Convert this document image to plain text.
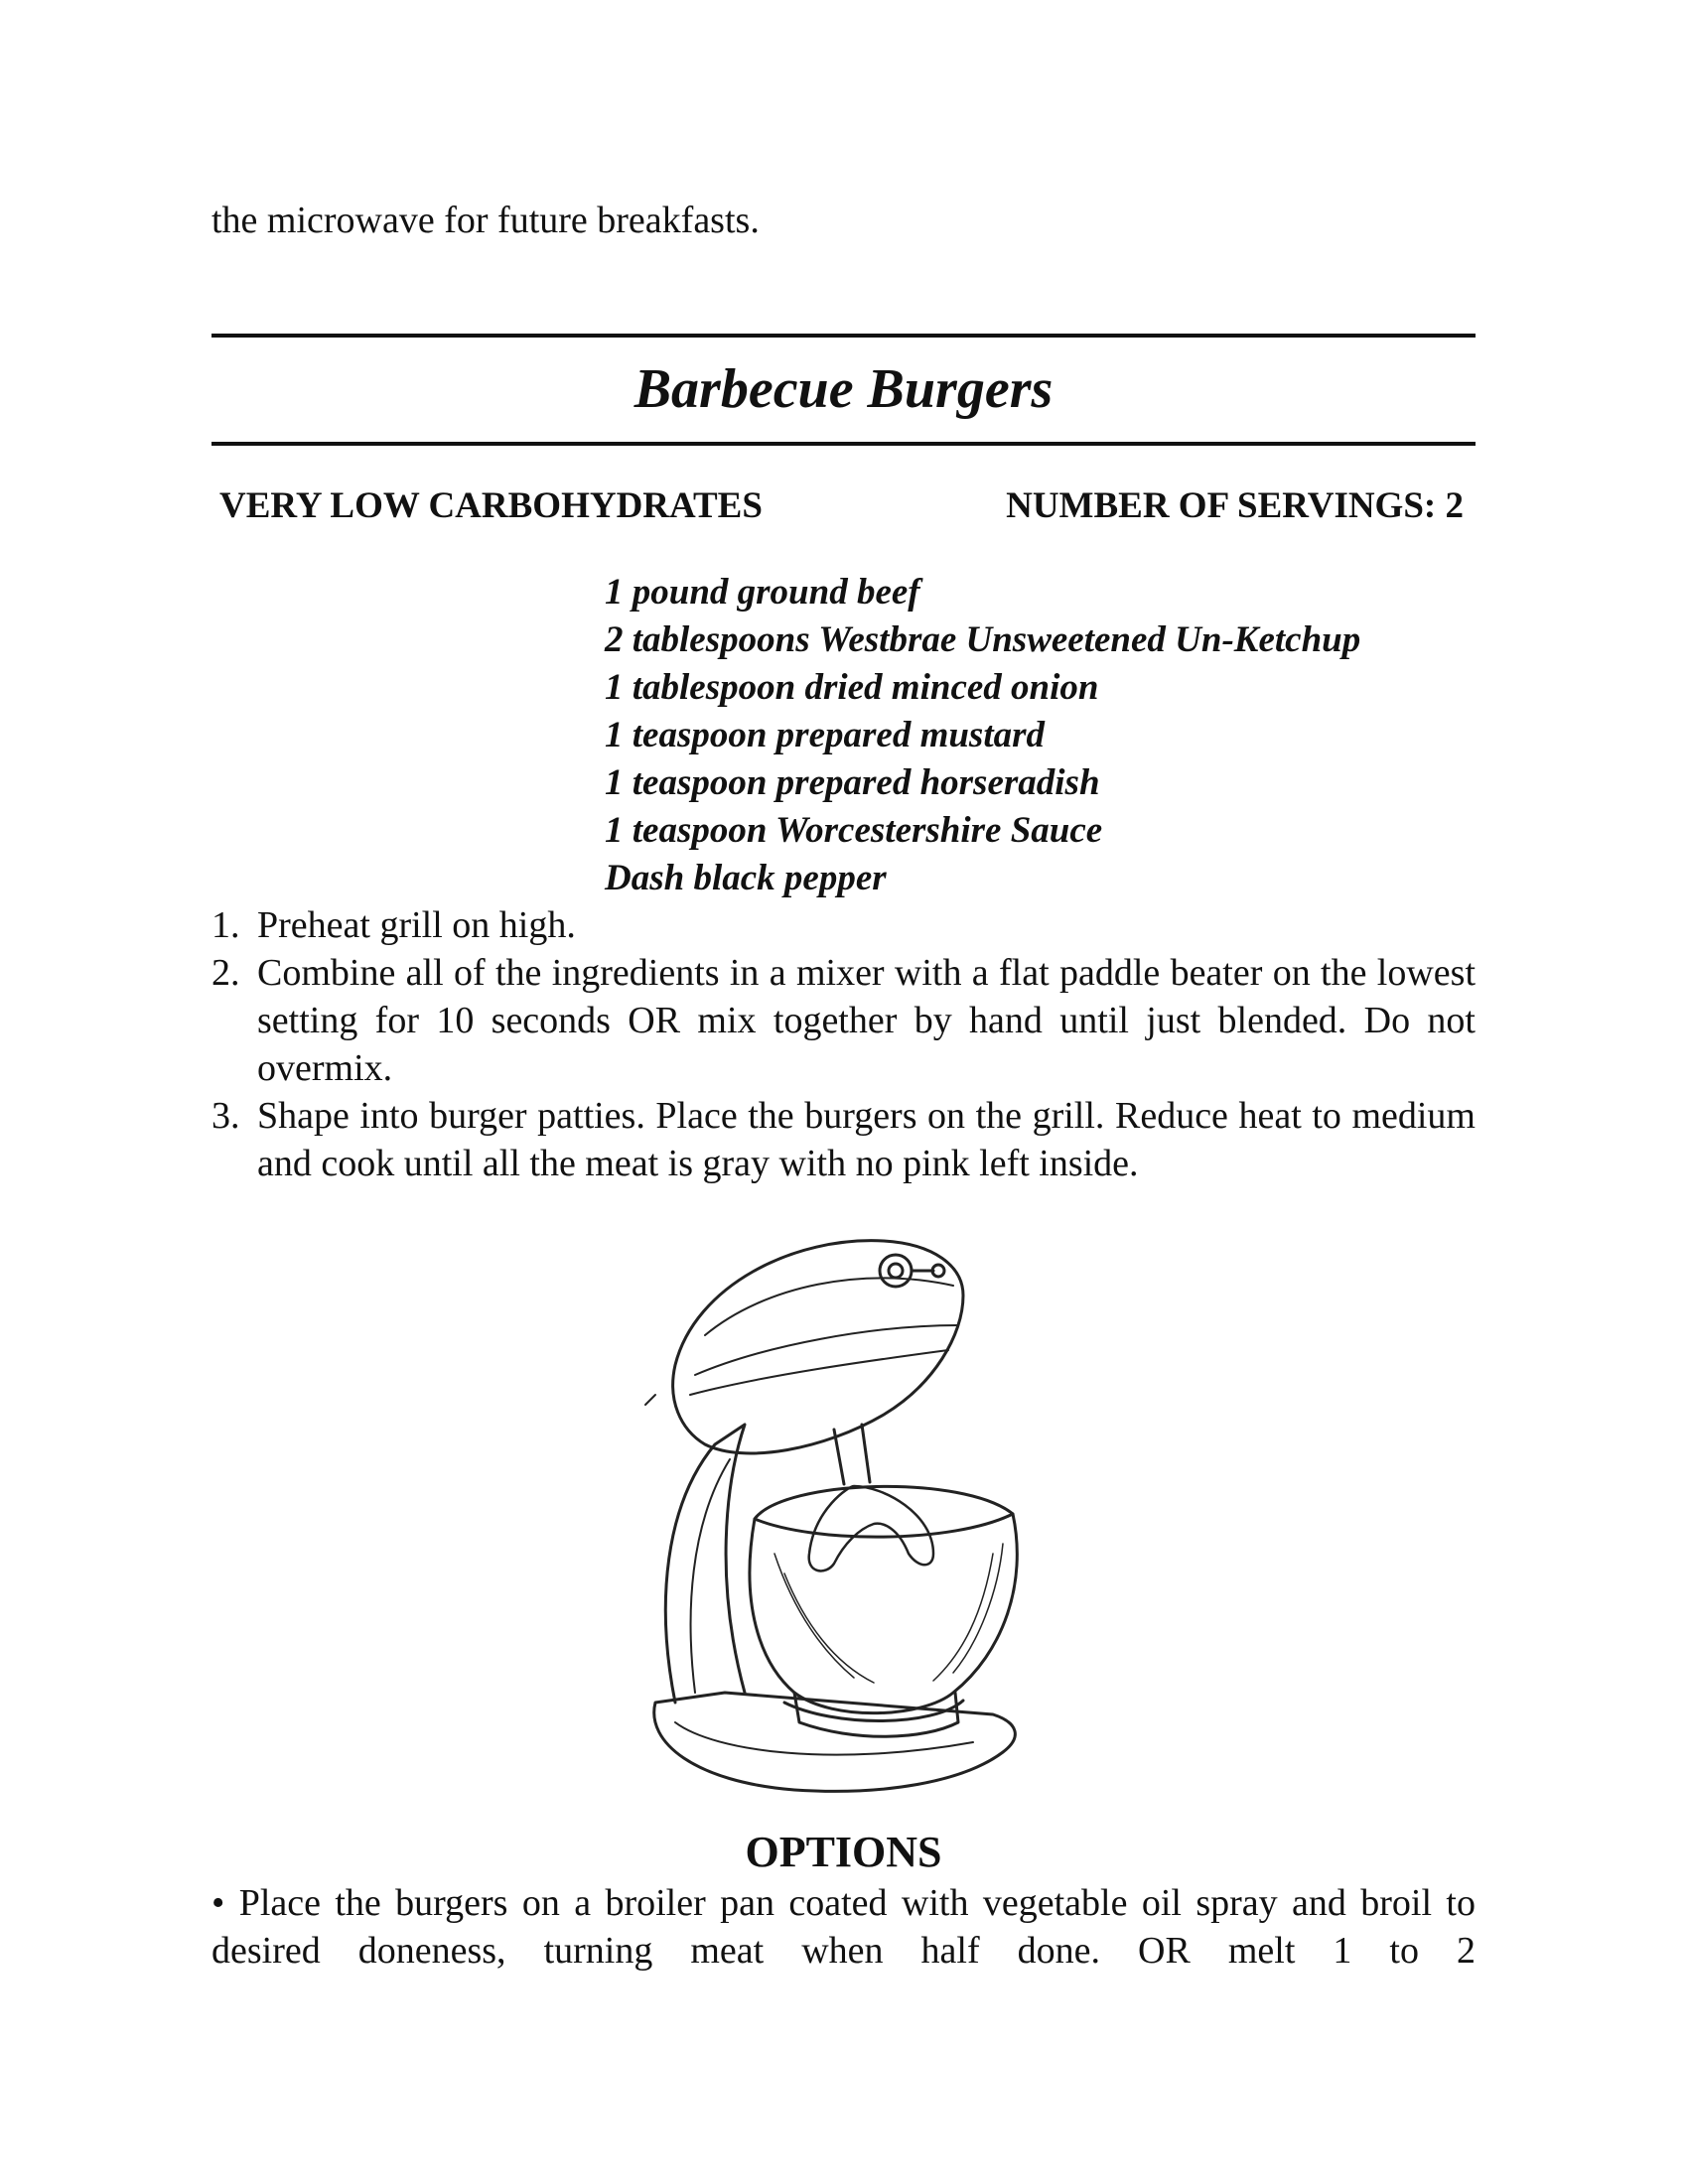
the microwave for future breakfasts.
Barbecue Burgers
VERY LOW CARBOHYDRATES	NUMBER OF SERVINGS: 2
1 pound ground beef
2 tablespoons Westbrae Unsweetened Un-Ketchup
1 tablespoon dried minced onion
1 teaspoon prepared mustard
1 teaspoon prepared horseradish
1 teaspoon Worcestershire Sauce
Dash black pepper
1. Preheat grill on high.
2. Combine all of the ingredients in a mixer with a flat paddle beater on the lowest setting for 10 seconds OR mix together by hand until just blended. Do not overmix.
3. Shape into burger patties. Place the burgers on the grill. Reduce heat to medium and cook until all the meat is gray with no pink left inside.
OPTIONS
• Place the burgers on a broiler pan coated with vegetable oil spray and broil to desired doneness, turning meat when half done. OR melt 1 to 2
